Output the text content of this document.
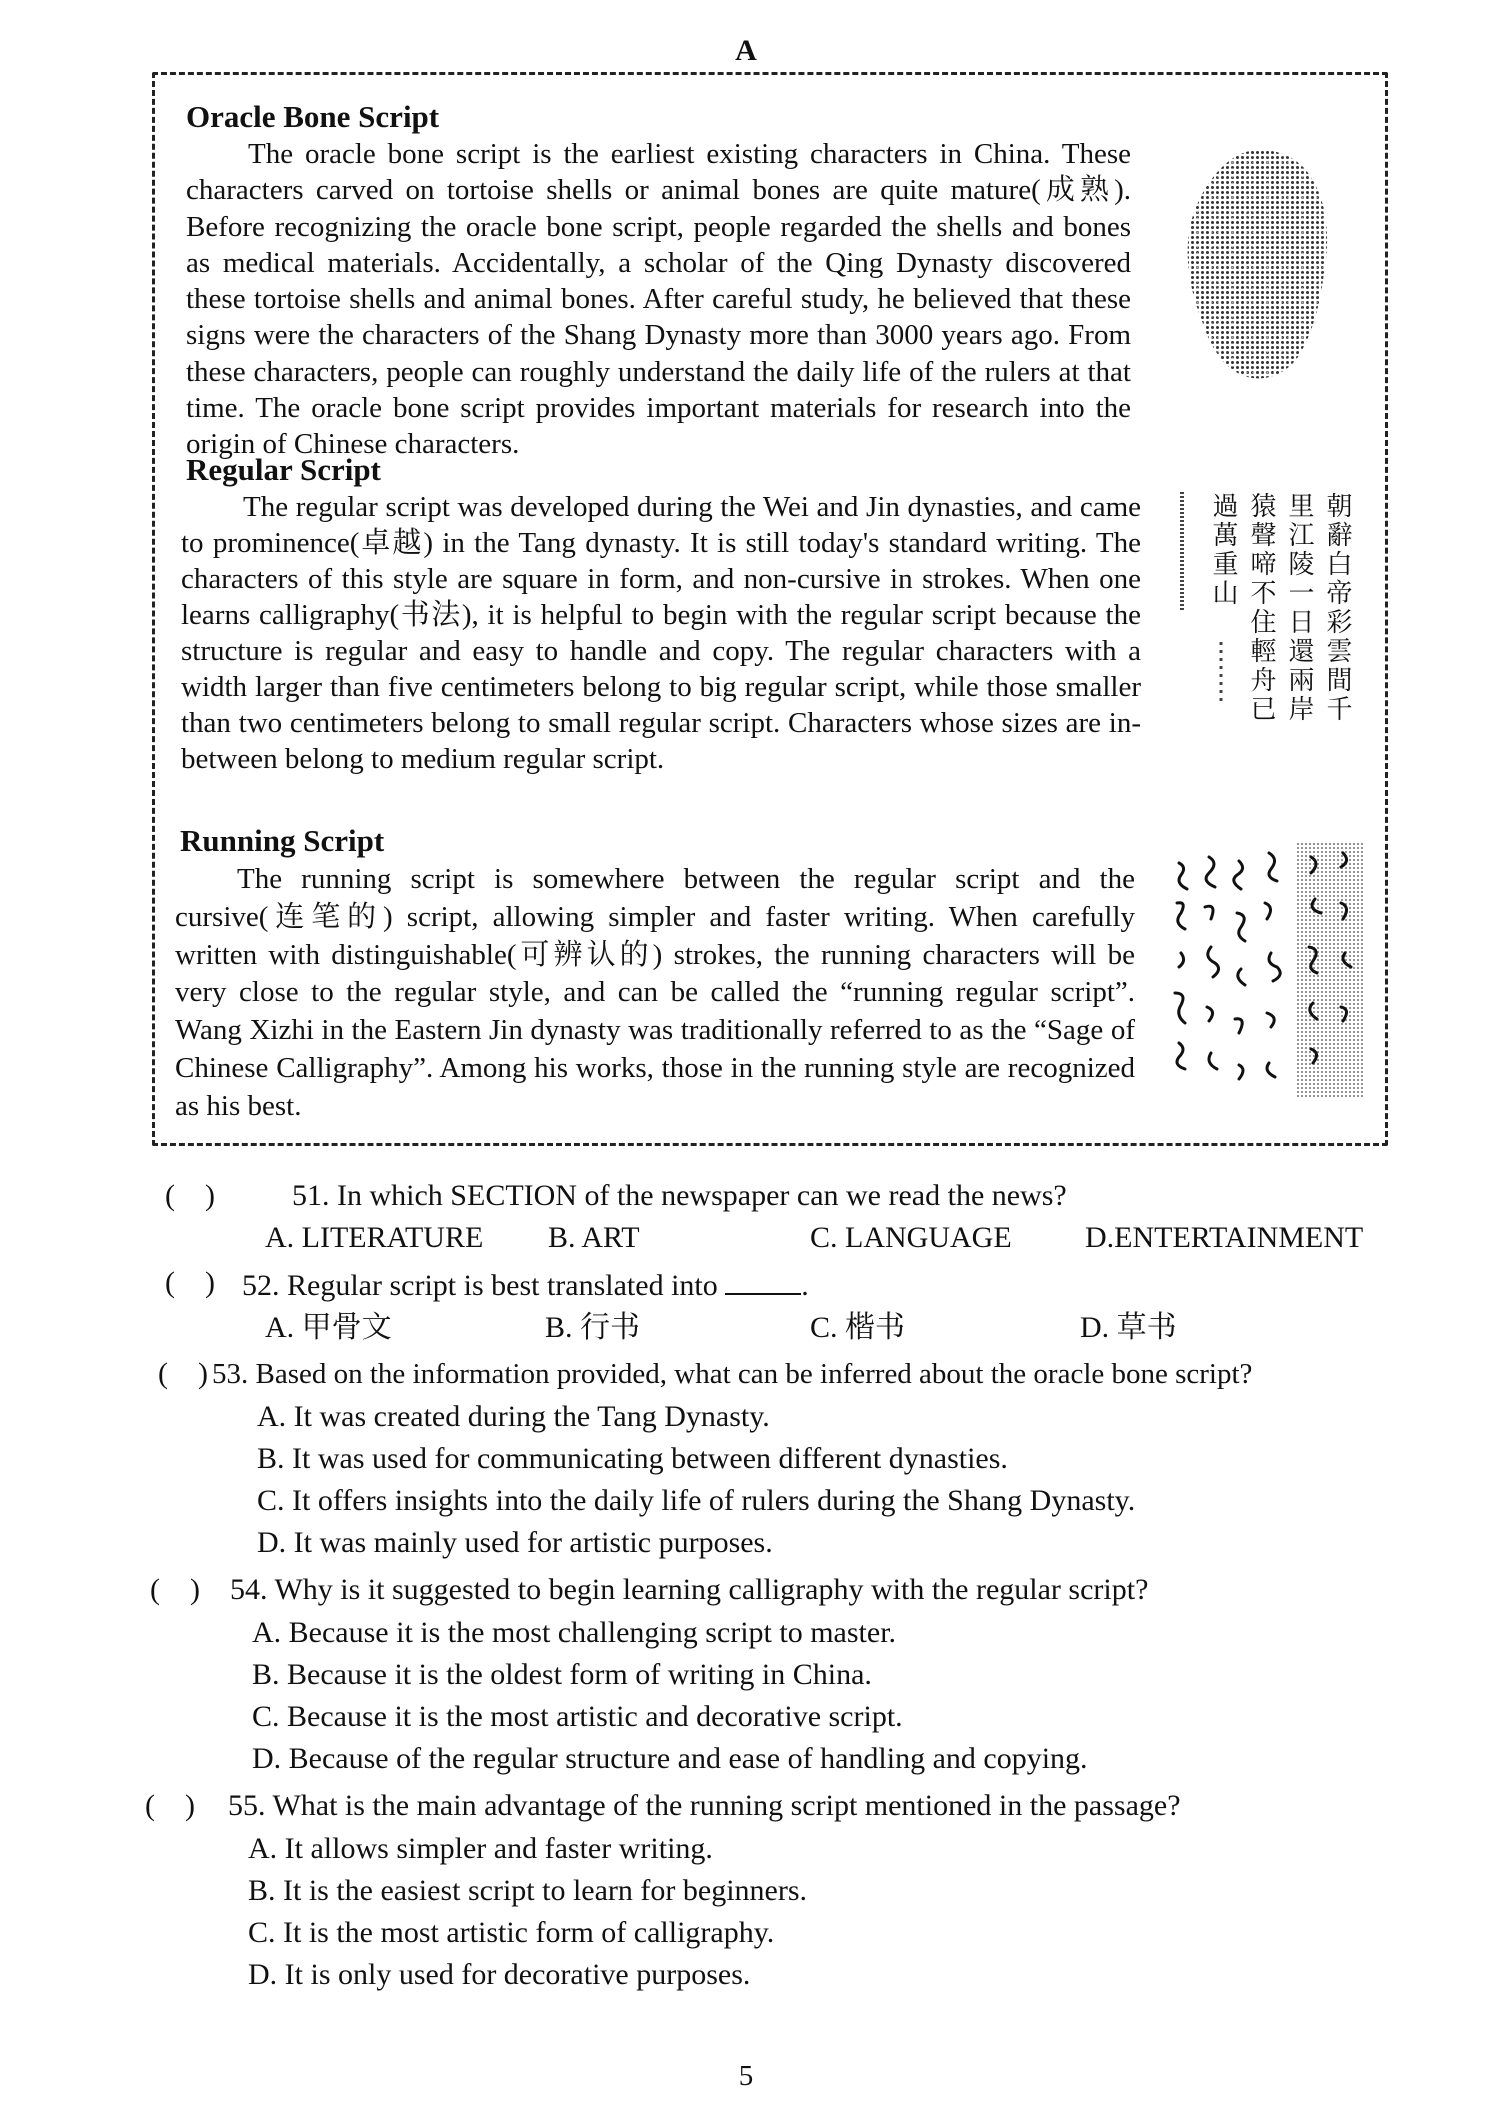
A
Oracle Bone Script
The oracle bone script is the earliest existing characters in China. These characters carved on tortoise shells or animal bones are quite mature(成熟). Before recognizing the oracle bone script, people regarded the shells and bones as medical materials. Accidentally, a scholar of the Qing Dynasty discovered these tortoise shells and animal bones. After careful study, he believed that these signs were the characters of the Shang Dynasty more than 3000 years ago. From these characters, people can roughly understand the daily life of the rulers at that time. The oracle bone script provides important materials for research into the origin of Chinese characters.
Regular Script
The regular script was developed during the Wei and Jin dynasties, and came to prominence(卓越) in the Tang dynasty. It is still today's standard writing. The characters of this style are square in form, and non-cursive in strokes. When one learns calligraphy(书法), it is helpful to begin with the regular script because the structure is regular and easy to handle and copy. The regular characters with a width larger than five centimeters belong to big regular script, while those smaller than two centimeters belong to small regular script. Characters whose sizes are in-between belong to medium regular script.
朝辭白帝彩雲間千
里江陵一日還兩岸
猿聲啼不住輕舟已
過萬重山
Running Script
The running script is somewhere between the regular script and the cursive(连笔的) script, allowing simpler and faster writing. When carefully written with distinguishable(可辨认的) strokes, the running characters will be very close to the regular style, and can be called the “running regular script”. Wang Xizhi in the Eastern Jin dynasty was traditionally referred to as the “Sage of Chinese Calligraphy”. Among his works, those in the running style are recognized as his best.
(　)	51. In which SECTION of the newspaper can we read the news?
A. LITERATURE B. ART	C. LANGUAGE D.ENTERTAINMENT
(　) 52. Regular script is best translated into	.
A. 甲骨文	B. 行书	C. 楷书	D. 草书
(　) 53. Based on the information provided, what can be inferred about the oracle bone script?
A. It was created during the Tang Dynasty.
B. It was used for communicating between different dynasties.
C. It offers insights into the daily life of rulers during the Shang Dynasty.
D. It was mainly used for artistic purposes.
(　) 54. Why is it suggested to begin learning calligraphy with the regular script?
A. Because it is the most challenging script to master.
B. Because it is the oldest form of writing in China.
C. Because it is the most artistic and decorative script.
D. Because of the regular structure and ease of handling and copying.
(　) 55. What is the main advantage of the running script mentioned in the passage?
A. It allows simpler and faster writing.
B. It is the easiest script to learn for beginners.
C. It is the most artistic form of calligraphy.
D. It is only used for decorative purposes.
5
